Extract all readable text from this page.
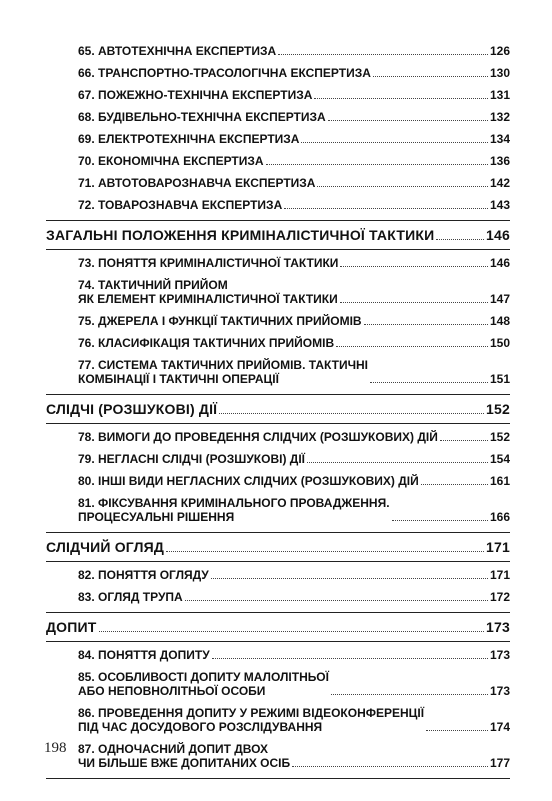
65. АВТОТЕХНІЧНА ЕКСПЕРТИЗА	126
66. ТРАНСПОРТНО-ТРАСОЛОГІЧНА ЕКСПЕРТИЗА	130
67. ПОЖЕЖНО-ТЕХНІЧНА ЕКСПЕРТИЗА	131
68. БУДІВЕЛЬНО-ТЕХНІЧНА ЕКСПЕРТИЗА	132
69. ЕЛЕКТРОТЕХНІЧНА ЕКСПЕРТИЗА	134
70. ЕКОНОМІЧНА ЕКСПЕРТИЗА	136
71. АВТОТОВАРОЗНАВЧА ЕКСПЕРТИЗА	142
72. ТОВАРОЗНАВЧА ЕКСПЕРТИЗА	143
ЗАГАЛЬНІ ПОЛОЖЕННЯ КРИМІНАЛІСТИЧНОЇ ТАКТИКИ	146
73. ПОНЯТТЯ КРИМІНАЛІСТИЧНОЇ ТАКТИКИ	146
74. ТАКТИЧНИЙ ПРИЙОМ
ЯК ЕЛЕМЕНТ КРИМІНАЛІСТИЧНОЇ ТАКТИКИ	147
75. ДЖЕРЕЛА І ФУНКЦІЇ ТАКТИЧНИХ ПРИЙОМІВ	148
76. КЛАСИФІКАЦІЯ ТАКТИЧНИХ ПРИЙОМІВ	150
77. СИСТЕМА ТАКТИЧНИХ ПРИЙОМІВ. ТАКТИЧНІ
КОМБІНАЦІЇ І ТАКТИЧНІ ОПЕРАЦІЇ	151
СЛІДЧІ (РОЗШУКОВІ) ДІЇ	152
78. ВИМОГИ ДО ПРОВЕДЕННЯ СЛІДЧИХ (РОЗШУКОВИХ) ДІЙ	152
79. НЕГЛАСНІ СЛІДЧІ (РОЗШУКОВІ) ДІЇ	154
80. ІНШІ ВИДИ НЕГЛАСНИХ СЛІДЧИХ (РОЗШУКОВИХ) ДІЙ	161
81. ФІКСУВАННЯ КРИМІНАЛЬНОГО ПРОВАДЖЕННЯ.
ПРОЦЕСУАЛЬНІ РІШЕННЯ	166
СЛІДЧИЙ ОГЛЯД	171
82. ПОНЯТТЯ ОГЛЯДУ	171
83. ОГЛЯД ТРУПА	172
ДОПИТ	173
84. ПОНЯТТЯ ДОПИТУ	173
85. ОСОБЛИВОСТІ ДОПИТУ МАЛОЛІТНЬОЇ
АБО НЕПОВНОЛІТНЬОЇ ОСОБИ	173
86. ПРОВЕДЕННЯ ДОПИТУ У РЕЖИМІ ВІДЕОКОНФЕРЕНЦІЇ
ПІД ЧАС ДОСУДОВОГО РОЗСЛІДУВАННЯ	174
87. ОДНОЧАСНИЙ ДОПИТ ДВОХ
ЧИ БІЛЬШЕ ВЖЕ ДОПИТАНИХ ОСІБ	177
198
